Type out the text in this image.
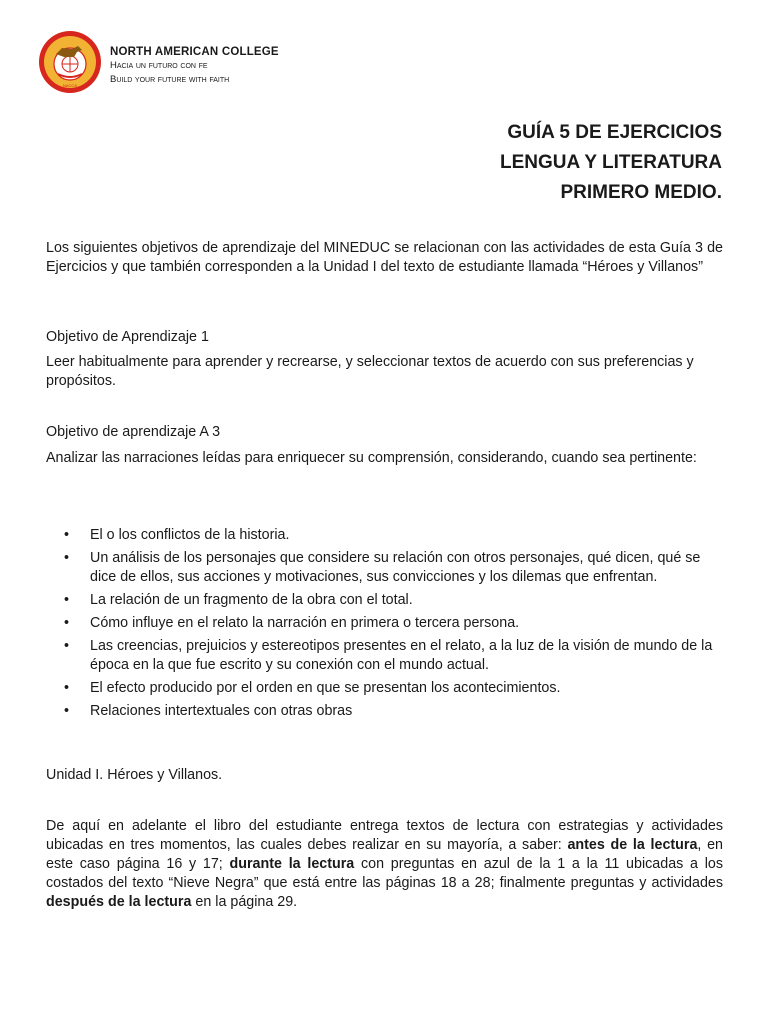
NACCA
NORTH AMERICAN COLLEGE
Hacia un futuro con fe
Build your future with faith
GUÍA 5 DE EJERCICIOS
LENGUA Y LITERATURA
PRIMERO MEDIO.
Los siguientes objetivos de aprendizaje del MINEDUC se relacionan con las actividades de esta Guía 3 de Ejercicios y que también corresponden a la Unidad I del texto de estudiante llamada “Héroes y Villanos”
Objetivo de Aprendizaje 1
Leer habitualmente para aprender y recrearse, y seleccionar textos de acuerdo con sus preferencias y propósitos.
Objetivo de aprendizaje A 3
Analizar las narraciones leídas para enriquecer su comprensión, considerando, cuando sea pertinente:
• El o los conflictos de la historia.
• Un análisis de los personajes que considere su relación con otros personajes, qué dicen, qué se dice de ellos, sus acciones y motivaciones, sus convicciones y los dilemas que enfrentan.
• La relación de un fragmento de la obra con el total.
• Cómo influye en el relato la narración en primera o tercera persona.
• Las creencias, prejuicios y estereotipos presentes en el relato, a la luz de la visión de mundo de la época en la que fue escrito y su conexión con el mundo actual.
• El efecto producido por el orden en que se presentan los acontecimientos.
• Relaciones intertextuales con otras obras
Unidad I. Héroes y Villanos.
De aquí en adelante el libro del estudiante entrega textos de lectura con estrategias y actividades ubicadas en tres momentos, las cuales debes realizar en su mayoría, a saber: antes de la lectura, en este caso página 16 y 17; durante la lectura con preguntas en azul de la 1 a la 11 ubicadas a los costados del texto “Nieve Negra” que está entre las páginas 18 a 28; finalmente preguntas y actividades después de la lectura en la página 29.
